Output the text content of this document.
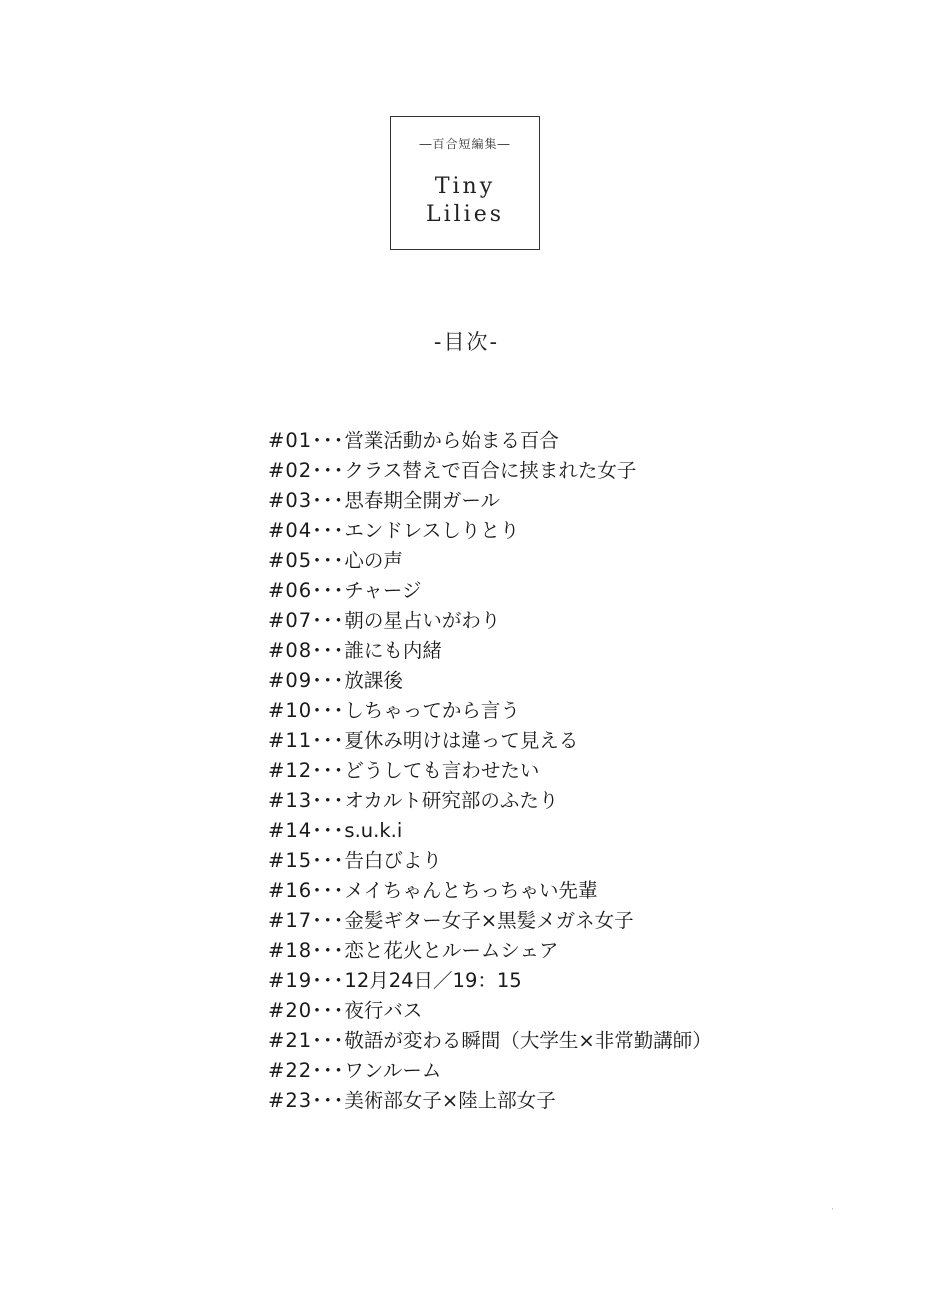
―百合短編集―
Tiny
Lilies
-目次-
#01･･･営業活動から始まる百合
#02･･･クラス替えで百合に挟まれた女子
#03･･･思春期全開ガール
#04･･･エンドレスしりとり
#05･･･心の声
#06･･･チャージ
#07･･･朝の星占いがわり
#08･･･誰にも内緒
#09･･･放課後
#10･･･しちゃってから言う
#11･･･夏休み明けは違って見える
#12･･･どうしても言わせたい
#13･･･オカルト研究部のふたり
#14･･･s.u.k.i
#15･･･告白びより
#16･･･メイちゃんとちっちゃい先輩
#17･･･金髪ギター女子×黒髪メガネ女子
#18･･･恋と花火とルームシェア
#19･･･12月24日／19：15
#20･･･夜行バス
#21･･･敬語が変わる瞬間（大学生×非常勤講師）
#22･･･ワンルーム
#23･･･美術部女子×陸上部女子
'
